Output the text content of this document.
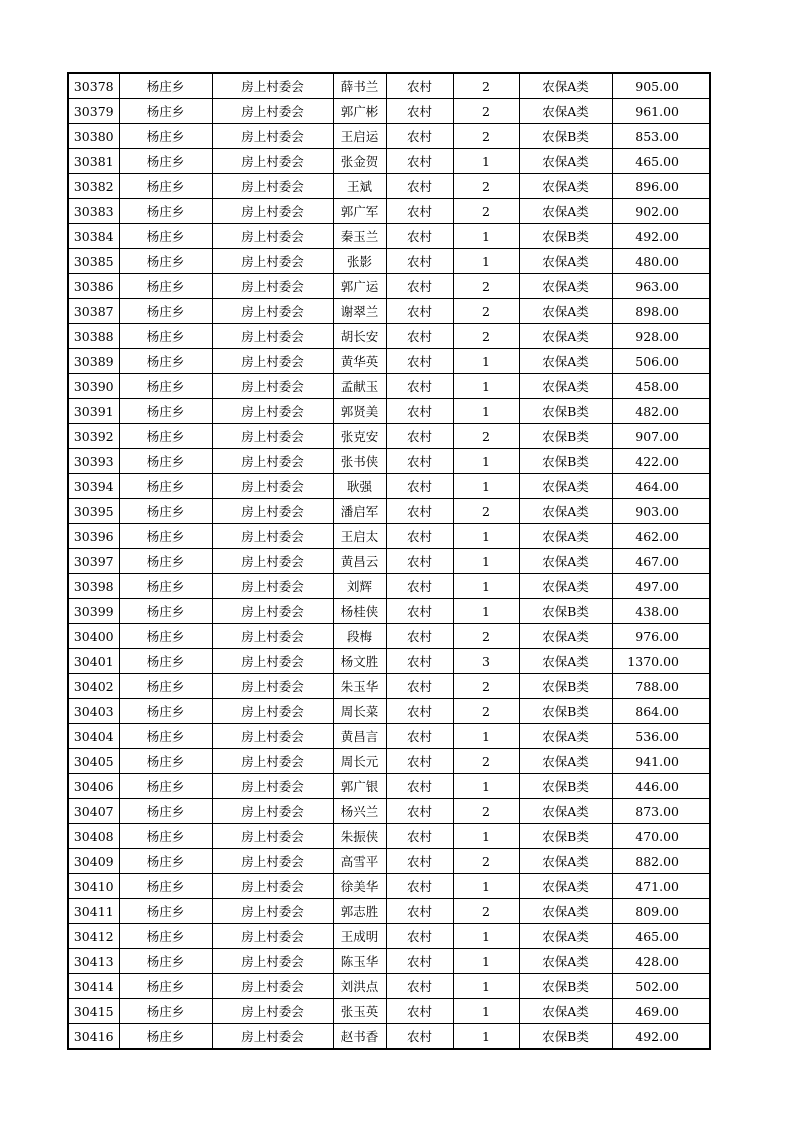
30378	杨庄乡	房上村委会	薛书兰	农村	2	农保A类	905.00
30379	杨庄乡	房上村委会	郭广彬	农村	2	农保A类	961.00
30380	杨庄乡	房上村委会	王启运	农村	2	农保B类	853.00
30381	杨庄乡	房上村委会	张金贺	农村	1	农保A类	465.00
30382	杨庄乡	房上村委会	王斌	农村	2	农保A类	896.00
30383	杨庄乡	房上村委会	郭广军	农村	2	农保A类	902.00
30384	杨庄乡	房上村委会	秦玉兰	农村	1	农保B类	492.00
30385	杨庄乡	房上村委会	张影	农村	1	农保A类	480.00
30386	杨庄乡	房上村委会	郭广运	农村	2	农保A类	963.00
30387	杨庄乡	房上村委会	谢翠兰	农村	2	农保A类	898.00
30388	杨庄乡	房上村委会	胡长安	农村	2	农保A类	928.00
30389	杨庄乡	房上村委会	黄华英	农村	1	农保A类	506.00
30390	杨庄乡	房上村委会	孟献玉	农村	1	农保A类	458.00
30391	杨庄乡	房上村委会	郭贤美	农村	1	农保B类	482.00
30392	杨庄乡	房上村委会	张克安	农村	2	农保B类	907.00
30393	杨庄乡	房上村委会	张书侠	农村	1	农保B类	422.00
30394	杨庄乡	房上村委会	耿强	农村	1	农保A类	464.00
30395	杨庄乡	房上村委会	潘启军	农村	2	农保A类	903.00
30396	杨庄乡	房上村委会	王启太	农村	1	农保A类	462.00
30397	杨庄乡	房上村委会	黄昌云	农村	1	农保A类	467.00
30398	杨庄乡	房上村委会	刘辉	农村	1	农保A类	497.00
30399	杨庄乡	房上村委会	杨桂侠	农村	1	农保B类	438.00
30400	杨庄乡	房上村委会	段梅	农村	2	农保A类	976.00
30401	杨庄乡	房上村委会	杨文胜	农村	3	农保A类	1370.00
30402	杨庄乡	房上村委会	朱玉华	农村	2	农保B类	788.00
30403	杨庄乡	房上村委会	周长菜	农村	2	农保B类	864.00
30404	杨庄乡	房上村委会	黄昌言	农村	1	农保A类	536.00
30405	杨庄乡	房上村委会	周长元	农村	2	农保A类	941.00
30406	杨庄乡	房上村委会	郭广银	农村	1	农保B类	446.00
30407	杨庄乡	房上村委会	杨兴兰	农村	2	农保A类	873.00
30408	杨庄乡	房上村委会	朱振侠	农村	1	农保B类	470.00
30409	杨庄乡	房上村委会	高雪平	农村	2	农保A类	882.00
30410	杨庄乡	房上村委会	徐美华	农村	1	农保A类	471.00
30411	杨庄乡	房上村委会	郭志胜	农村	2	农保A类	809.00
30412	杨庄乡	房上村委会	王成明	农村	1	农保A类	465.00
30413	杨庄乡	房上村委会	陈玉华	农村	1	农保A类	428.00
30414	杨庄乡	房上村委会	刘洪点	农村	1	农保B类	502.00
30415	杨庄乡	房上村委会	张玉英	农村	1	农保A类	469.00
30416	杨庄乡	房上村委会	赵书香	农村	1	农保B类	492.00
